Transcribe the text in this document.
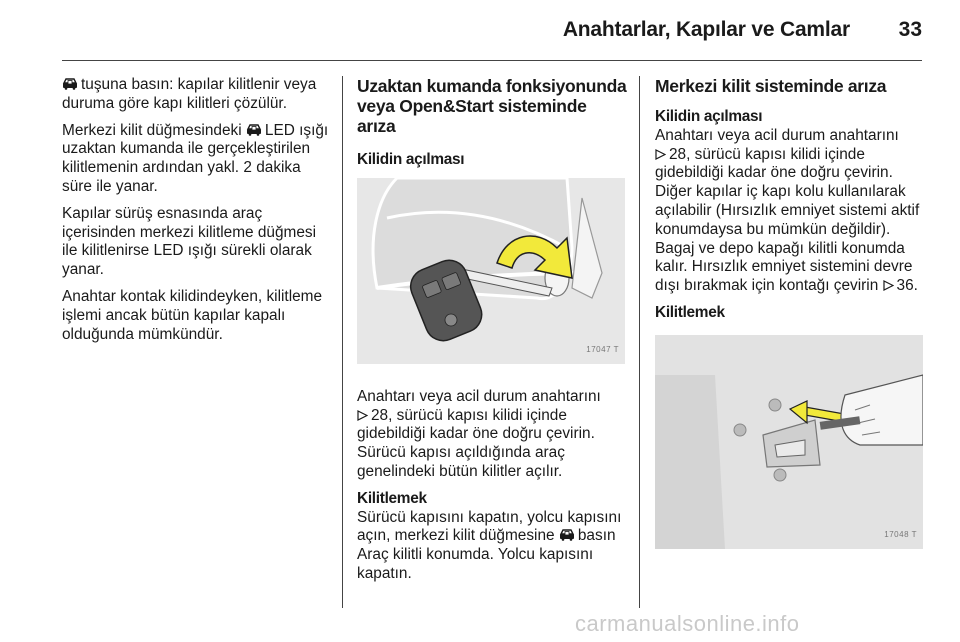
Anahtarlar, Kapılar ve Camlar 33

tuşuna basın: kapılar kilitlenir veya duruma göre kapı kilitleri çözülür.

Merkezi kilit düğmesindeki LED ışığı uzaktan kumanda ile gerçekleştirilen kilitlemenin ardından yakl. 2 dakika süre ile yanar.

Kapılar sürüş esnasında araç içerisinden merkezi kilitleme düğmesi ile kilitlenirse LED ışığı sürekli olarak yanar.

Anahtar kontak kilidindeyken, kilitleme işlemi ancak bütün kapılar kapalı olduğunda mümkündür.

Uzaktan kumanda fonksiyonunda veya Open&Start sisteminde arıza
Kilidin açılması
17047 T

Anahtarı veya acil durum anahtarını
28, sürücü kapısı kilidi içinde gidebildiği kadar öne doğru çevirin. Sürücü kapısı açıldığında araç genelindeki bütün kilitler açılır.

Kilitlemek

Sürücü kapısını kapatın, yolcu kapısını açın, merkezi kilit düğmesine basın Araç kilitli konumda. Yolcu kapısını kapatın.

Merkezi kilit sisteminde arıza
Kilidin açılması

Anahtarı veya acil durum anahtarını
28, sürücü kapısı kilidi içinde gidebildiği kadar öne doğru çevirin. Diğer kapılar iç kapı kolu kullanılarak açılabilir (Hırsızlık emniyet sistemi aktif konumdaysa bu mümkün değildir). Bagaj ve depo kapağı kilitli konumda kalır. Hırsızlık emniyet sistemini devre dışı bırakmak için kontağı çevirin 36.

Kilitlemek
17048 T
carmanualsonline.info
